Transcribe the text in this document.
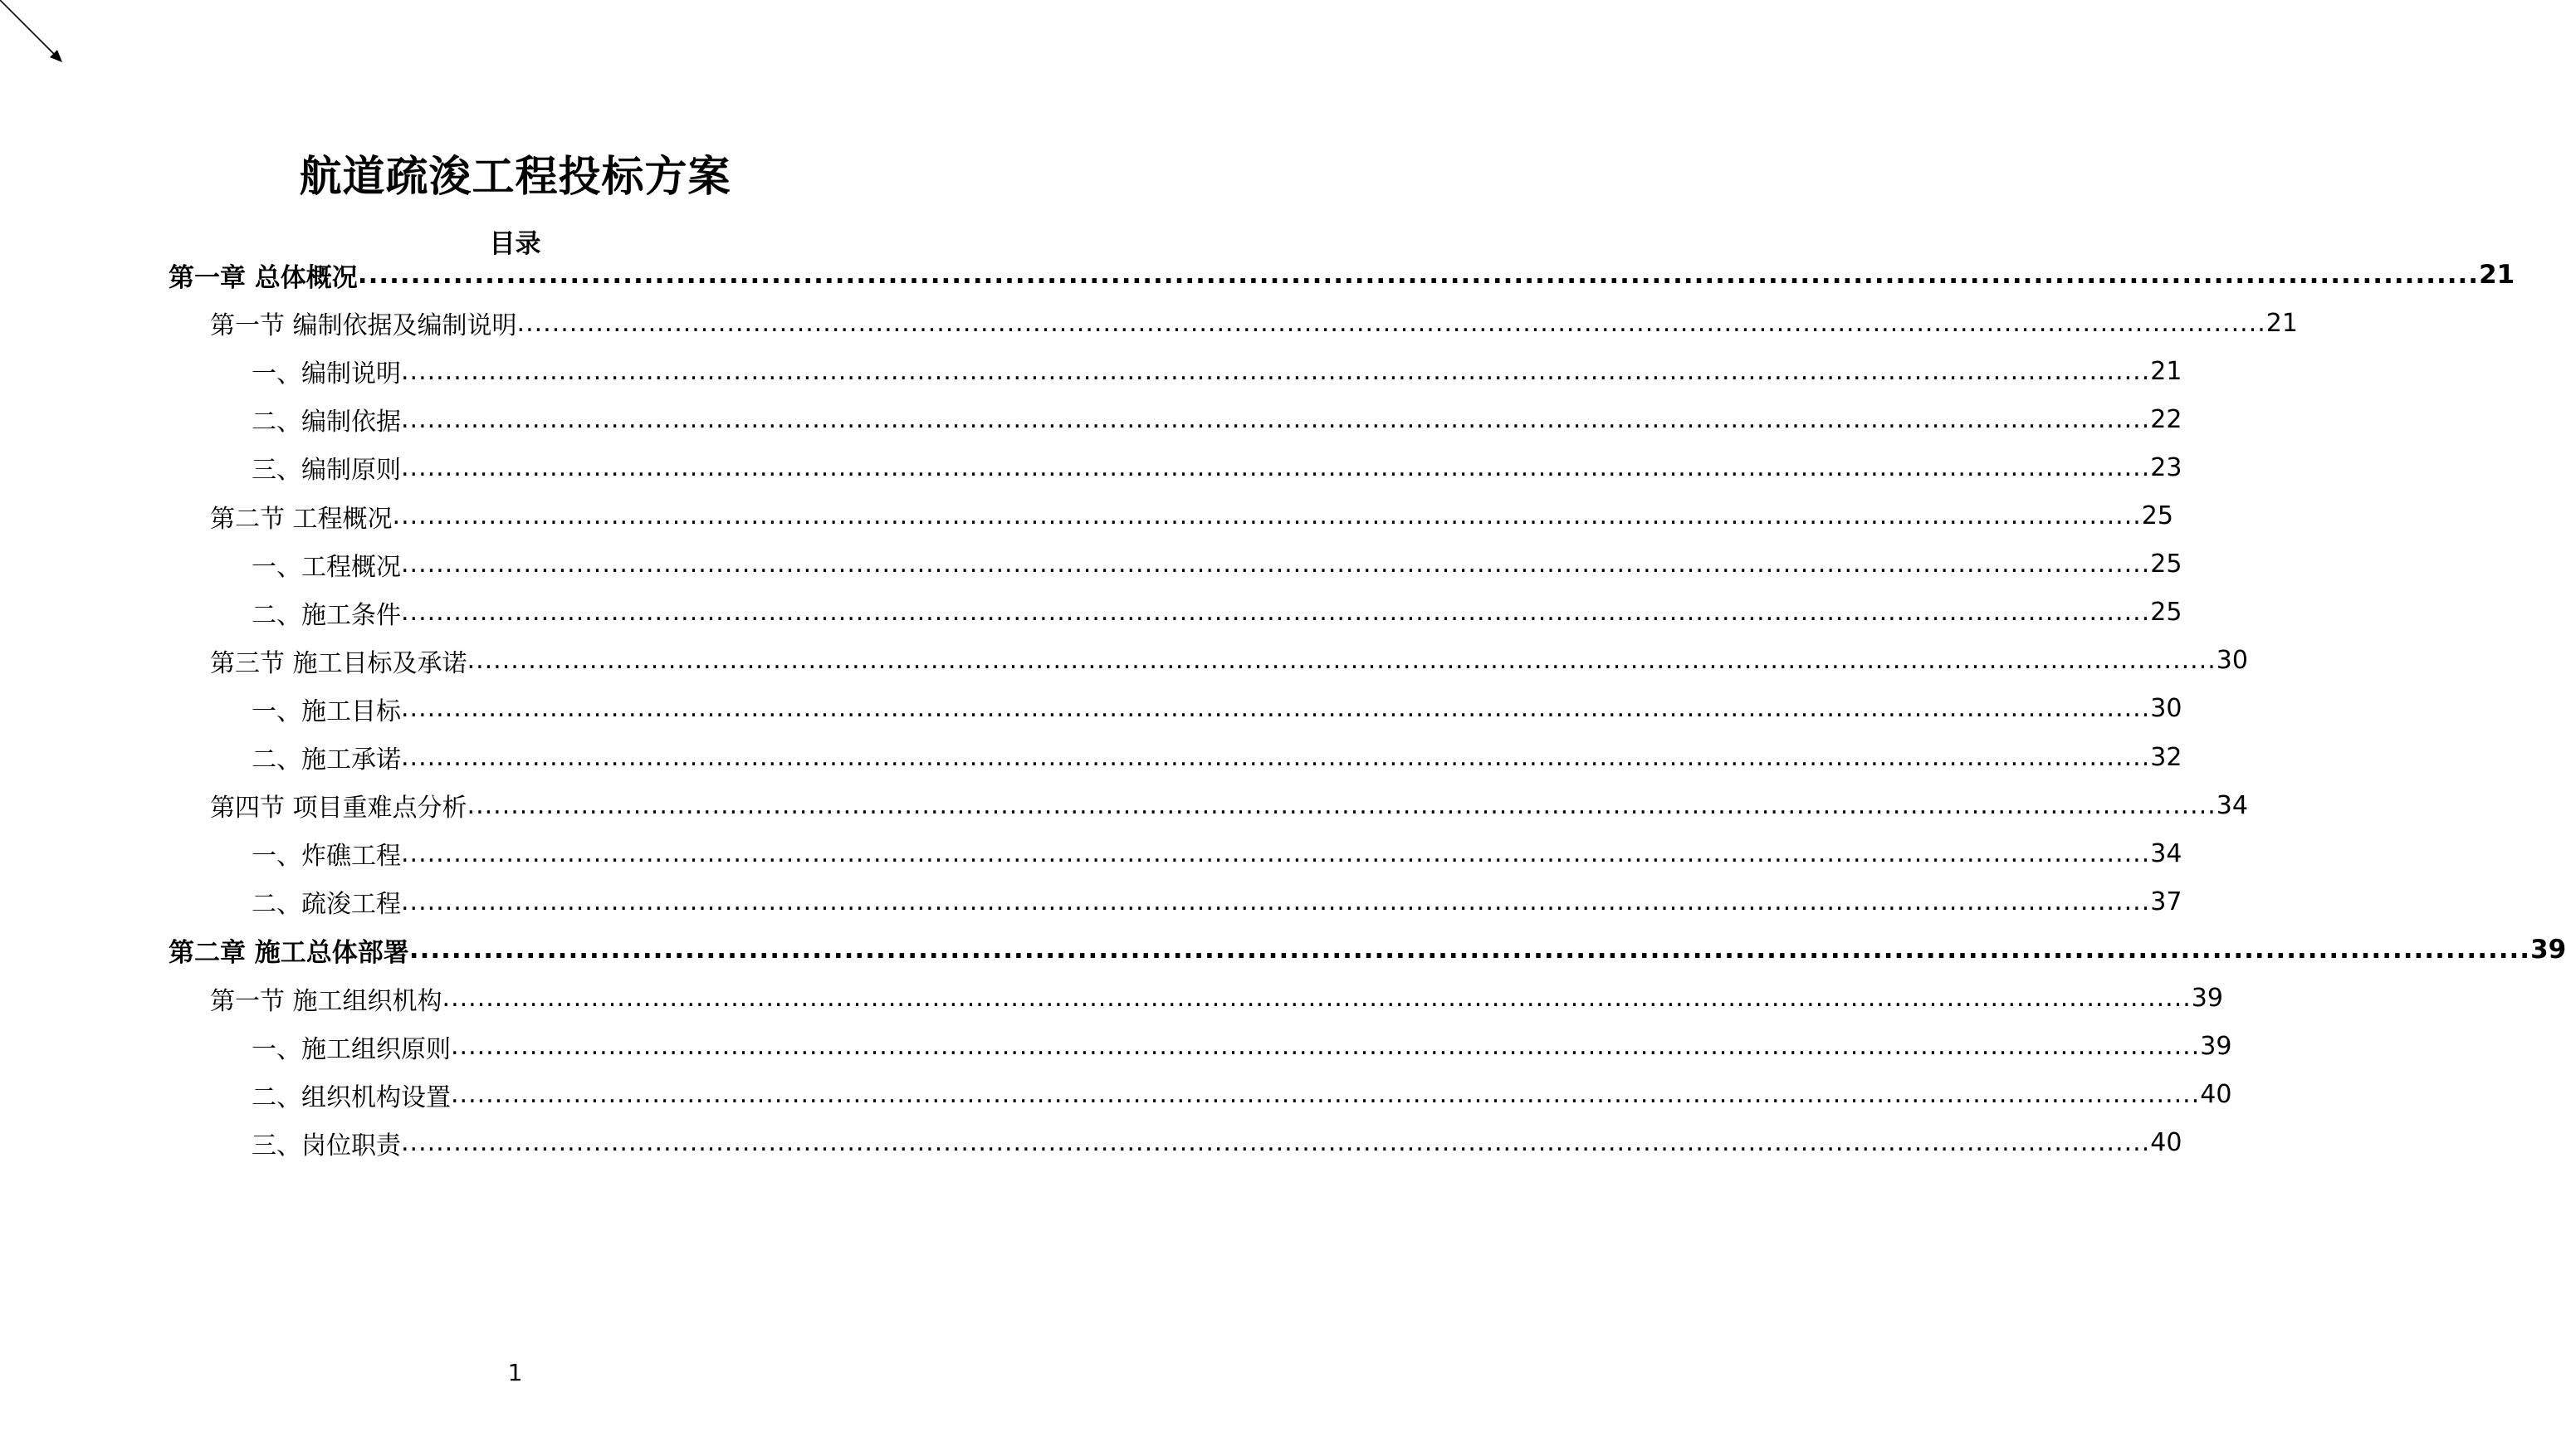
航道疏浚工程投标方案
目录
第一章 总体概况 ........................................................................................................................................................................................................ 21
第一节 编制依据及编制说明 ........................................................................................................................................................................................................ 21
一、编制说明 ........................................................................................................................................................................................................ 21
二、编制依据 ........................................................................................................................................................................................................ 22
三、编制原则 ........................................................................................................................................................................................................ 23
第二节 工程概况 ........................................................................................................................................................................................................ 25
一、工程概况 ........................................................................................................................................................................................................ 25
二、施工条件 ........................................................................................................................................................................................................ 25
第三节 施工目标及承诺 ........................................................................................................................................................................................................ 30
一、施工目标 ........................................................................................................................................................................................................ 30
二、施工承诺 ........................................................................................................................................................................................................ 32
第四节 项目重难点分析 ........................................................................................................................................................................................................ 34
一、炸礁工程 ........................................................................................................................................................................................................ 34
二、疏浚工程 ........................................................................................................................................................................................................ 37
第二章 施工总体部署 ........................................................................................................................................................................................................ 39
第一节 施工组织机构 ........................................................................................................................................................................................................ 39
一、施工组织原则 ........................................................................................................................................................................................................ 39
二、组织机构设置 ........................................................................................................................................................................................................ 40
三、岗位职责 ........................................................................................................................................................................................................ 40
1
